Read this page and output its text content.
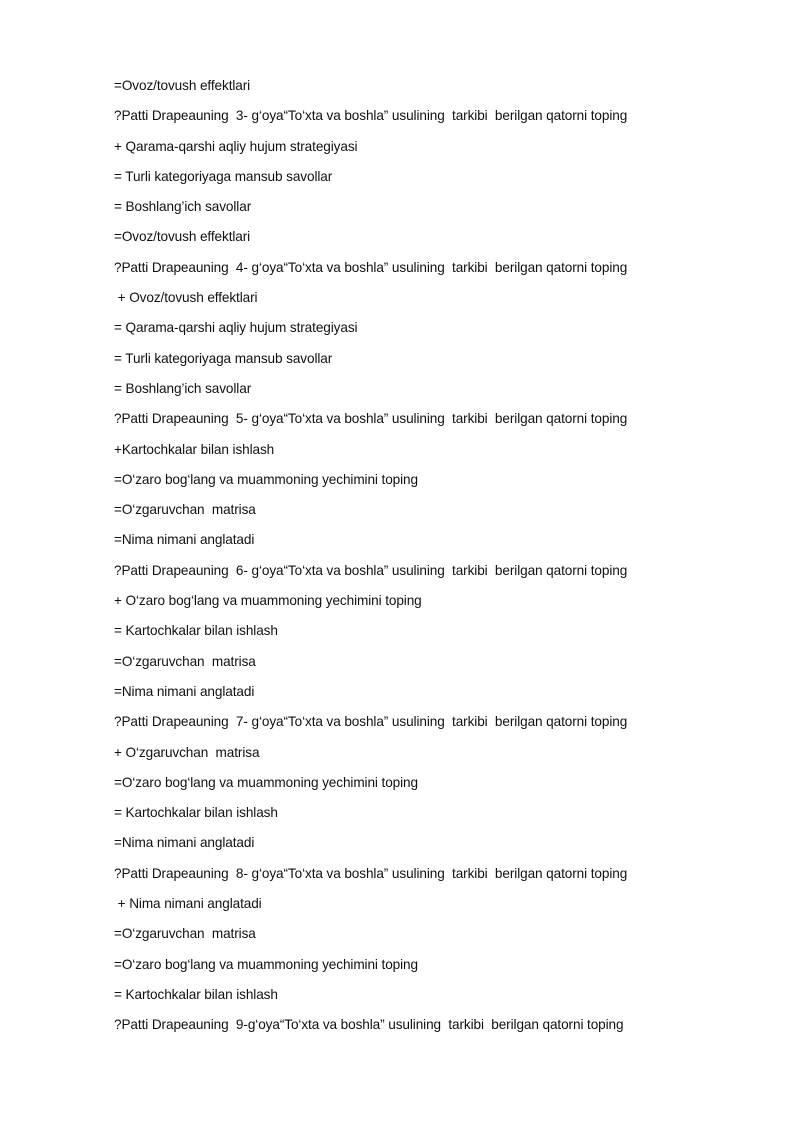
=Ovoz/tovush effektlari
?Patti Drapeauning  3- g‘oya“To‘xta va boshla” usulining  tarkibi  berilgan qatorni toping
+ Qarama-qarshi aqliy hujum strategiyasi
= Turli kategoriyaga mansub savollar
= Boshlang’ich savollar
=Ovoz/tovush effektlari
?Patti Drapeauning  4- g‘oya“To‘xta va boshla” usulining  tarkibi  berilgan qatorni toping
+ Ovoz/tovush effektlari
= Qarama-qarshi aqliy hujum strategiyasi
= Turli kategoriyaga mansub savollar
= Boshlang’ich savollar
?Patti Drapeauning  5- g‘oya“To‘xta va boshla” usulining  tarkibi  berilgan qatorni toping
+Kartochkalar bilan ishlash
=O‘zaro bog‘lang va muammoning yechimini toping
=O‘zgaruvchan  matrisa
=Nima nimani anglatadi
?Patti Drapeauning  6- g‘oya“To‘xta va boshla” usulining  tarkibi  berilgan qatorni toping
+ O‘zaro bog‘lang va muammoning yechimini toping
= Kartochkalar bilan ishlash
=O‘zgaruvchan  matrisa
=Nima nimani anglatadi
?Patti Drapeauning  7- g‘oya“To‘xta va boshla” usulining  tarkibi  berilgan qatorni toping
+ O‘zgaruvchan  matrisa
=O‘zaro bog‘lang va muammoning yechimini toping
= Kartochkalar bilan ishlash
=Nima nimani anglatadi
?Patti Drapeauning  8- g‘oya“To‘xta va boshla” usulining  tarkibi  berilgan qatorni toping
+ Nima nimani anglatadi
=O‘zgaruvchan  matrisa
=O‘zaro bog‘lang va muammoning yechimini toping
= Kartochkalar bilan ishlash
?Patti Drapeauning  9-g‘oya“To‘xta va boshla” usulining  tarkibi  berilgan qatorni toping
